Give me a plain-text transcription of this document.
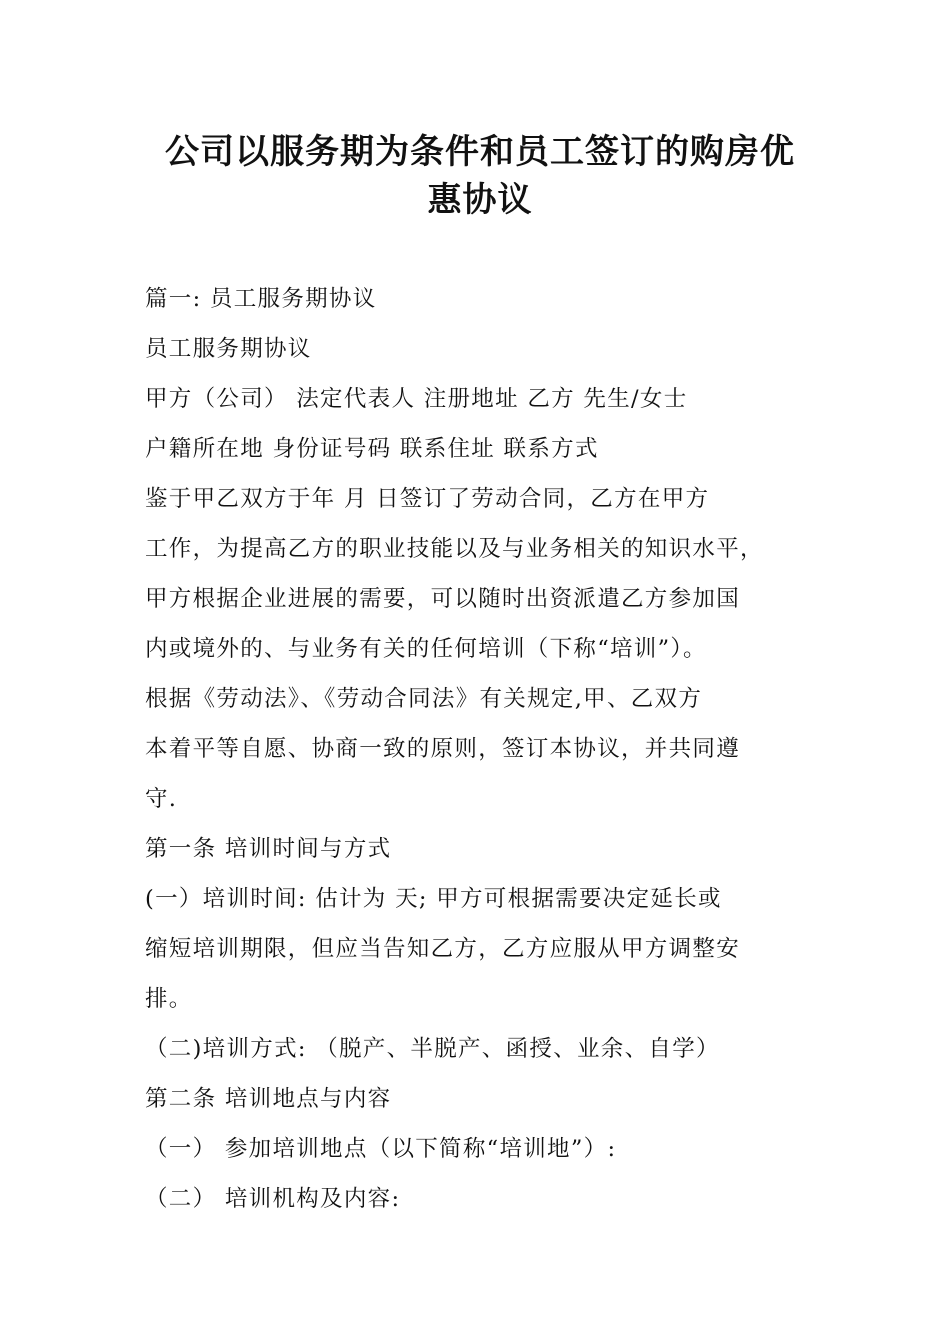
公司以服务期为条件和员工签订的购房优
惠协议
篇一: 员工服务期协议
员工服务期协议
甲方（公司） 法定代表人 注册地址 乙方 先生/女士
户籍所在地 身份证号码 联系住址 联系方式
鉴于甲乙双方于年 月 日签订了劳动合同，乙方在甲方
工作，为提高乙方的职业技能以及与业务相关的知识水平，
甲方根据企业进展的需要，可以随时出资派遣乙方参加国
内或境外的、与业务有关的任何培训（下称“培训”）。
根据《劳动法》、《劳动合同法》有关规定,甲、乙双方
本着平等自愿、协商一致的原则，签订本协议，并共同遵
守.
第一条 培训时间与方式
(一）培训时间: 估计为 天; 甲方可根据需要决定延长或
缩短培训期限，但应当告知乙方，乙方应服从甲方调整安
排。
（二)培训方式: （脱产、半脱产、函授、业余、自学）
第二条 培训地点与内容
（一） 参加培训地点（以下简称“培训地”）:
（二） 培训机构及内容:
